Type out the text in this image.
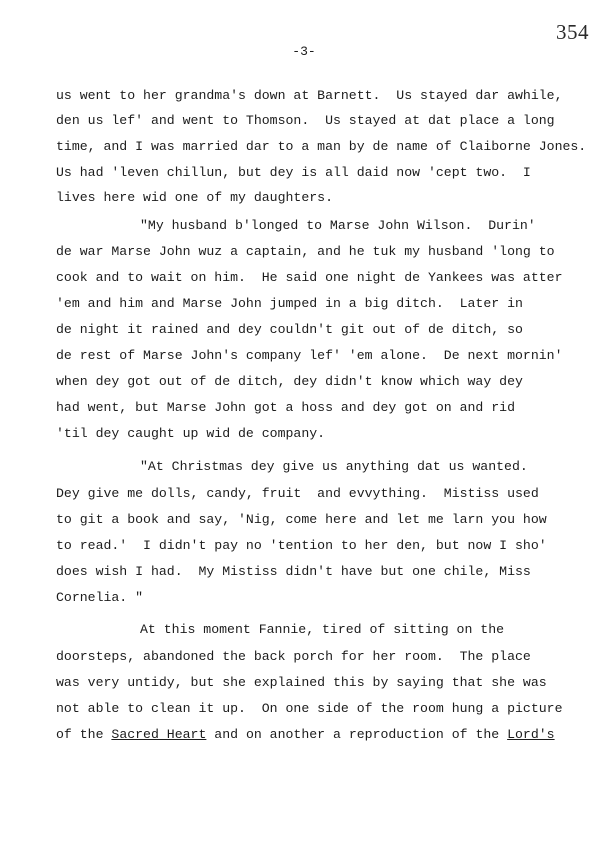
354
-3-
us went to her grandma's down at Barnett.  Us stayed dar awhile,
den us lef' and went to Thomson.  Us stayed at dat place a long
time, and I was married dar to a man by de name of Claiborne Jones.
Us had 'leven chillun, but dey is all daid now 'cept two.  I
lives here wid one of my daughters.
"My husband b'longed to Marse John Wilson.  Durin'
de war Marse John wuz a captain, and he tuk my husband 'long to
cook and to wait on him.  He said one night de Yankees was atter
'em and him and Marse John jumped in a big ditch.  Later in
de night it rained and dey couldn't git out of de ditch, so
de rest of Marse John's company lef' 'em alone.  De next mornin'
when dey got out of de ditch, dey didn't know which way dey
had went, but Marse John got a hoss and dey got on and rid
'til dey caught up wid de company.
"At Christmas dey give us anything dat us wanted.
Dey give me dolls, candy, fruit  and evvything.  Mistiss used
to git a book and say, 'Nig, come here and let me larn you how
to read.'  I didn't pay no 'tention to her den, but now I sho'
does wish I had.  My Mistiss didn't have but one chile, Miss
Cornelia. "
At this moment Fannie, tired of sitting on the
doorsteps, abandoned the back porch for her room.  The place
was very untidy, but she explained this by saying that she was
not able to clean it up.  On one side of the room hung a picture
of the Sacred Heart and on another a reproduction of the Lord's
